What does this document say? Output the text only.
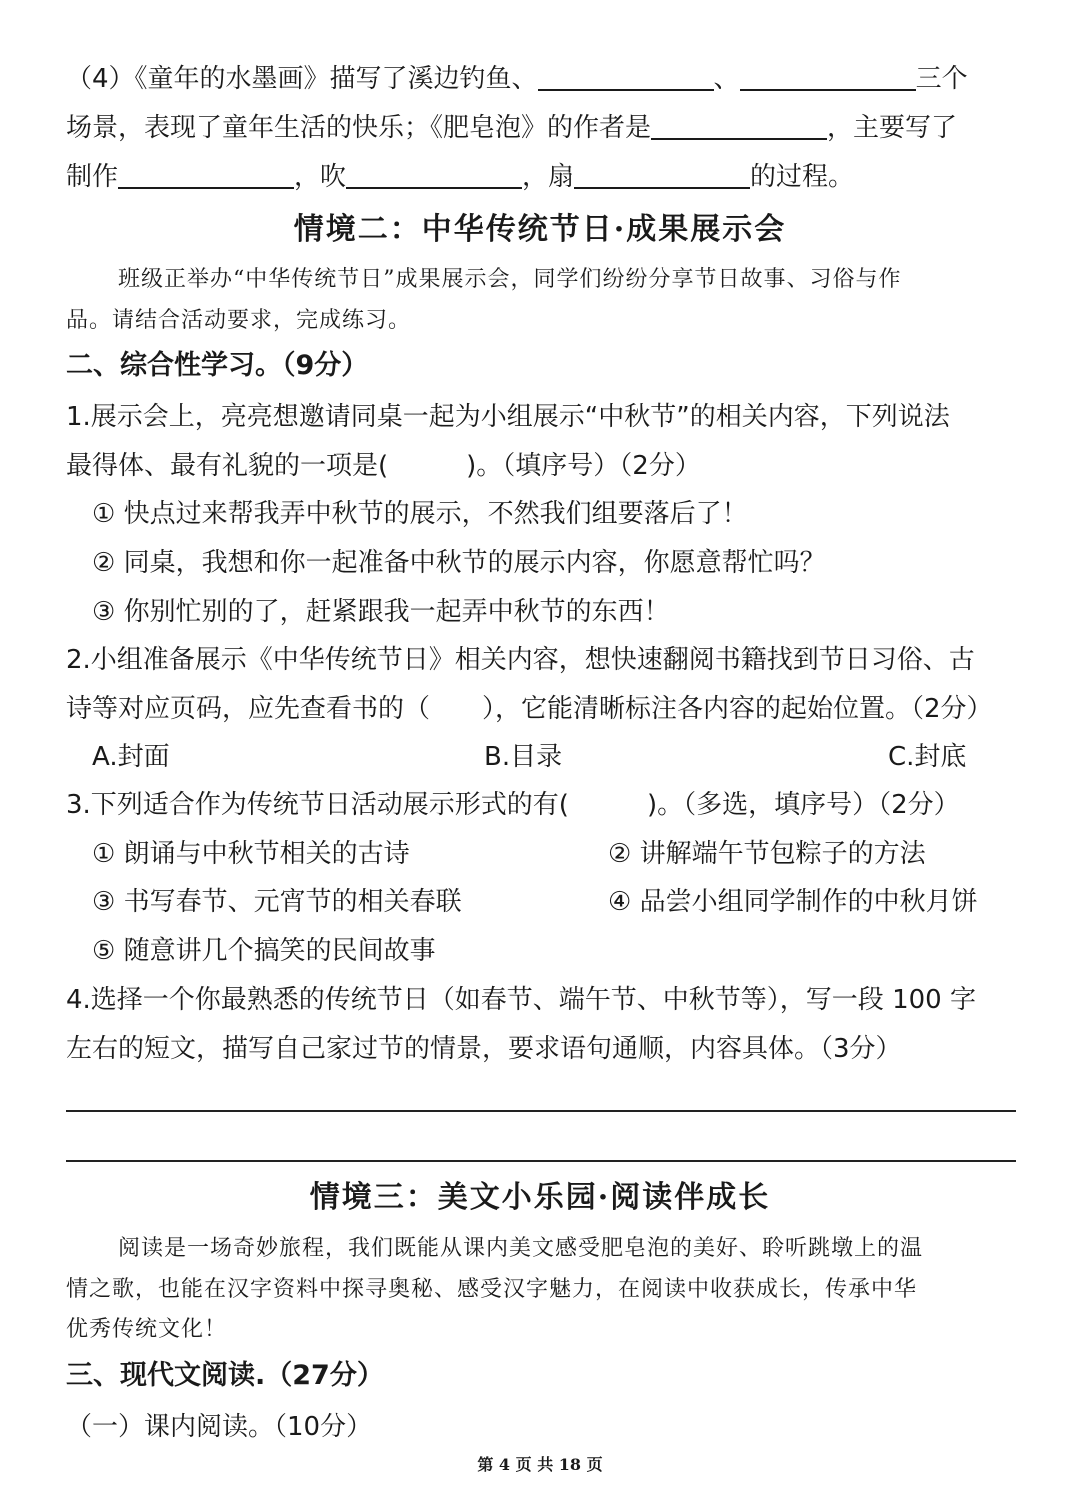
（4）《童年的水墨画》描写了溪边钓鱼、	、	三个
场景，表现了童年生活的快乐；《肥皂泡》的作者是	，主要写了
制作	，吹	，扇	的过程。
情境二：中华传统节日·成果展示会
班级正举办“中华传统节日”成果展示会，同学们纷纷分享节日故事、习俗与作
品。请结合活动要求，完成练习。
二、综合性学习。（9分）
1.展示会上，亮亮想邀请同桌一起为小组展示“中秋节”的相关内容，下列说法
最得体、最有礼貌的一项是(　　　)。（填序号）（2分）
① 快点过来帮我弄中秋节的展示，不然我们组要落后了！
② 同桌，我想和你一起准备中秋节的展示内容，你愿意帮忙吗？
③ 你别忙别的了，赶紧跟我一起弄中秋节的东西！
2.小组准备展示《中华传统节日》相关内容，想快速翻阅书籍找到节日习俗、古
诗等对应页码，应先查看书的（　　），它能清晰标注各内容的起始位置。（2分）
A.封面	B.目录	C.封底
3.下列适合作为传统节日活动展示形式的有(　　　)。（多选，填序号）（2分）
① 朗诵与中秋节相关的古诗	② 讲解端午节包粽子的方法
③ 书写春节、元宵节的相关春联	④ 品尝小组同学制作的中秋月饼
⑤ 随意讲几个搞笑的民间故事
4.选择一个你最熟悉的传统节日（如春节、端午节、中秋节等），写一段 100 字
左右的短文，描写自己家过节的情景，要求语句通顺，内容具体。（3分）
情境三：美文小乐园·阅读伴成长
阅读是一场奇妙旅程，我们既能从课内美文感受肥皂泡的美好、聆听跳墩上的温
情之歌，也能在汉字资料中探寻奥秘、感受汉字魅力，在阅读中收获成长，传承中华
优秀传统文化！
三、现代文阅读.（27分）
（一）课内阅读。（10分）
第 4 页 共 18 页
